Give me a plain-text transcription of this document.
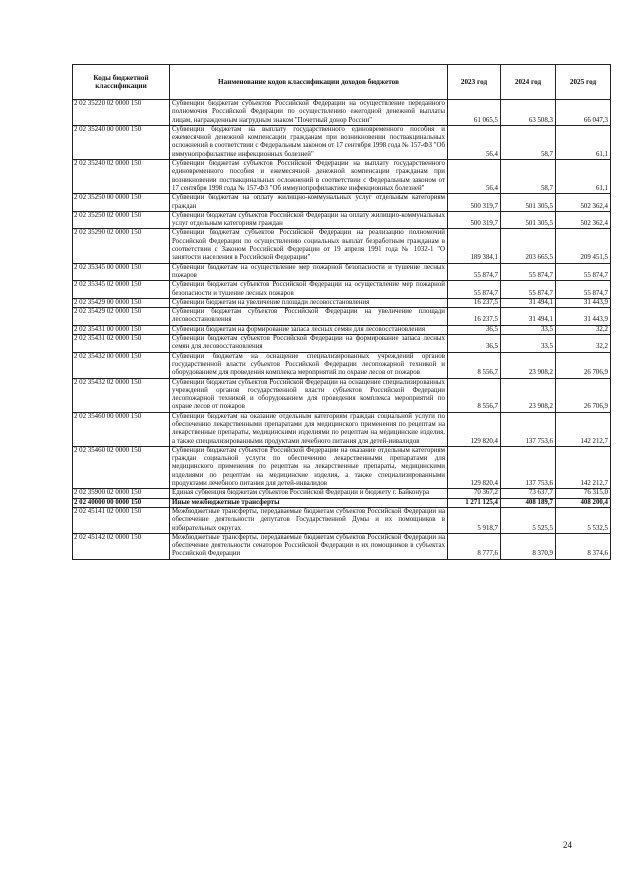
Коды бюджетной классификации	Наименование кодов классификации доходов бюджетов	2023 год	2024 год	2025 год
2 02 35220 02 0000 150	Субвенции бюджетам субъектов Российской Федерации на осуществление переданного полномочия Российской Федерации по осуществлению ежегодной денежной выплаты лицам, награжденным нагрудным знаком "Почетный донор России"	61 065,5	63 508,3	66 047,3
2 02 35240 00 0000 150	Субвенции бюджетам на выплату государственного единовременного пособия и ежемесячной денежной компенсации гражданам при возникновении поствакцинальных осложнений в соответствии с Федеральным законом от 17 сентября 1998 года № 157-ФЗ "Об иммунопрофилактике инфекционных болезней"	56,4	58,7	61,1
2 02 35240 02 0000 150	Субвенции бюджетам субъектов Российской Федерации на выплату государственного единовременного пособия и ежемесячной денежной компенсации гражданам при возникновении поствакцинальных осложнений в соответствии с Федеральным законом от 17 сентября 1998 года № 157-ФЗ "Об иммунопрофилактике инфекционных болезней"	56,4	58,7	61,1
2 02 35250 00 0000 150	Субвенции бюджетам на оплату жилищно-коммунальных услуг отдельным категориям граждан	500 319,7	501 305,5	502 362,4
2 02 35250 02 0000 150	Субвенции бюджетам субъектов Российской Федерации на оплату жилищно-коммунальных услуг отдельным категориям граждан	500 319,7	501 305,5	502 362,4
2 02 35290 02 0000 150	Субвенции бюджетам субъектов Российской Федерации на реализацию полномочий Российской Федерации по осуществлению социальных выплат безработным гражданам в соответствии с Законом Российской Федерации от 19 апреля 1991 года № 1032-1 "О занятости населения в Российской Федерации"	189 384,1	203 665,5	209 451,5
2 02 35345 00 0000 150	Субвенции бюджетам на осуществление мер пожарной безопасности и тушение лесных пожаров	55 874,7	55 874,7	55 874,7
2 02 35345 02 0000 150	Субвенции бюджетам субъектов Российской Федерации на осуществление мер пожарной безопасности и тушение лесных пожаров	55 874,7	55 874,7	55 874,7
2 02 35429 00 0000 150	Субвенции бюджетам на увеличение площади лесовосстановления	16 237,5	31 494,1	31 443,9
2 02 35429 02 0000 150	Субвенции бюджетам субъектов Российской Федерации на увеличение площади лесовосстановления	16 237,5	31 494,1	31 443,9
2 02 35431 00 0000 150	Субвенции бюджетам на формирование запаса лесных семян для лесовосстановления	36,5	33,5	32,2
2 02 35431 02 0000 150	Субвенции бюджетам субъектов Российской Федерации на формирование запаса лесных семян для лесовосстановления	36,5	33,5	32,2
2 02 35432 00 0000 150	Субвенции бюджетам на оснащение специализированных учреждений органов государственной власти субъектов Российской Федерации лесопожарной техникой и оборудованием для проведения комплекса мероприятий по охране лесов от пожаров	8 556,7	23 908,2	26 706,9
2 02 35432 02 0000 150	Субвенции бюджетам субъектов Российской Федерации на оснащение специализированных учреждений органов государственной власти субъектов Российской Федерации лесопожарной техникой и оборудованием для проведения комплекса мероприятий по охране лесов от пожаров	8 556,7	23 908,2	26 706,9
2 02 35460 00 0000 150	Субвенции бюджетам на оказание отдельным категориям граждан социальной услуги по обеспечению лекарственными препаратами для медицинского применения по рецептам на лекарственные препараты, медицинскими изделиями по рецептам на медицинские изделия, а также специализированными продуктами лечебного питания для детей-инвалидов	129 820,4	137 753,6	142 212,7
2 02 35460 02 0000 150	Субвенции бюджетам субъектов Российской Федерации на оказание отдельным категориям граждан социальной услуги по обеспечению лекарственными препаратами для медицинского применения по рецептам на лекарственные препараты, медицинскими изделиями по рецептам на медицинские изделия, а также специализированными продуктами лечебного питания для детей-инвалидов	129 820,4	137 753,6	142 212,7
2 02 35900 02 0000 150	Единая субвенция бюджетам субъектов Российской Федерации и бюджету г. Байконура	70 367,2	73 637,7	76 315,0
2 02 40000 00 0000 150	Иные межбюджетные трансферты	1 271 125,4	408 189,7	408 200,4
2 02 45141 02 0000 150	Межбюджетные трансферты, передаваемые бюджетам субъектов Российской Федерации на обеспечение деятельности депутатов Государственной Думы и их помощников в избирательных округах	5 918,7	5 525,5	5 532,5
2 02 45142 02 0000 150	Межбюджетные трансферты, передаваемые бюджетам субъектов Российской Федерации на обеспечение деятельности сенаторов Российской Федерации и их помощников в субъектах Российской Федерации	8 777,6	8 370,9	8 374,6
24
